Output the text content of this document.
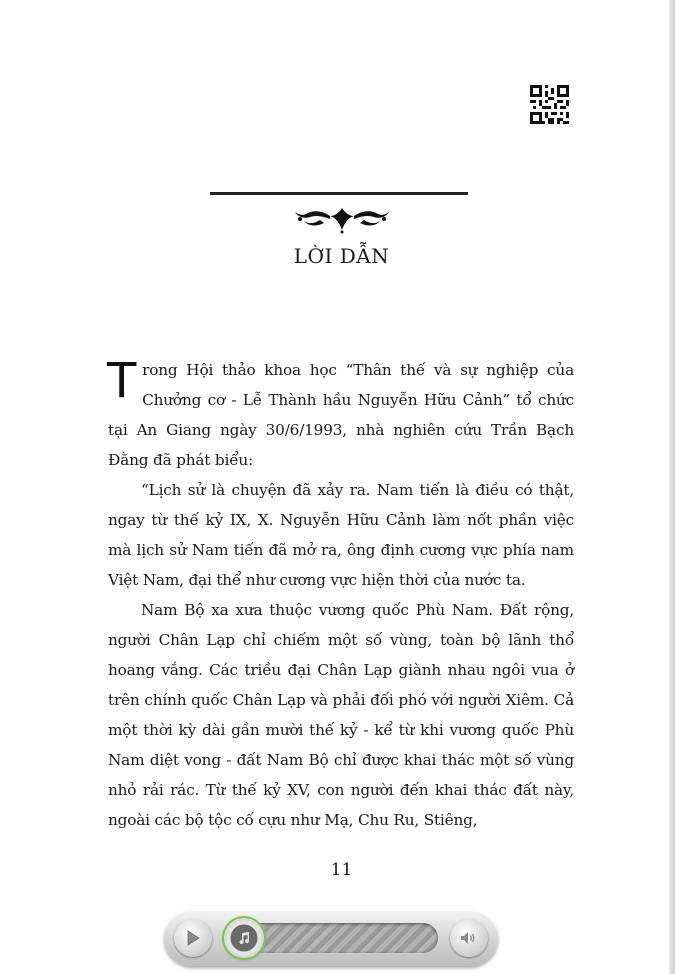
LỜI DẪN

Trong Hội thảo khoa học “Thân thế và sự nghiệp của Chưởng cơ - Lễ Thành hầu Nguyễn Hữu Cảnh” tổ chức tại An Giang ngày 30/6/1993, nhà nghiên cứu Trần Bạch Đằng đã phát biểu:

“Lịch sử là chuyện đã xảy ra. Nam tiến là điều có thật, ngay từ thế kỷ IX, X. Nguyễn Hữu Cảnh làm nốt phần việc mà lịch sử Nam tiến đã mở ra, ông định cương vực phía nam Việt Nam, đại thể như cương vực hiện thời của nước ta.

Nam Bộ xa xưa thuộc vương quốc Phù Nam. Đất rộng, người Chân Lạp chỉ chiếm một số vùng, toàn bộ lãnh thổ hoang vắng. Các triều đại Chân Lạp giành nhau ngôi vua ở trên chính quốc Chân Lạp và phải đối phó với người Xiêm. Cả một thời kỳ dài gần mười thế kỷ - kể từ khi vương quốc Phù Nam diệt vong - đất Nam Bộ chỉ được khai thác một số vùng nhỏ rải rác. Từ thế kỷ XV, con người đến khai thác đất này, ngoài các bộ tộc cố cựu như Mạ, Chu Ru, Stiêng,

11
